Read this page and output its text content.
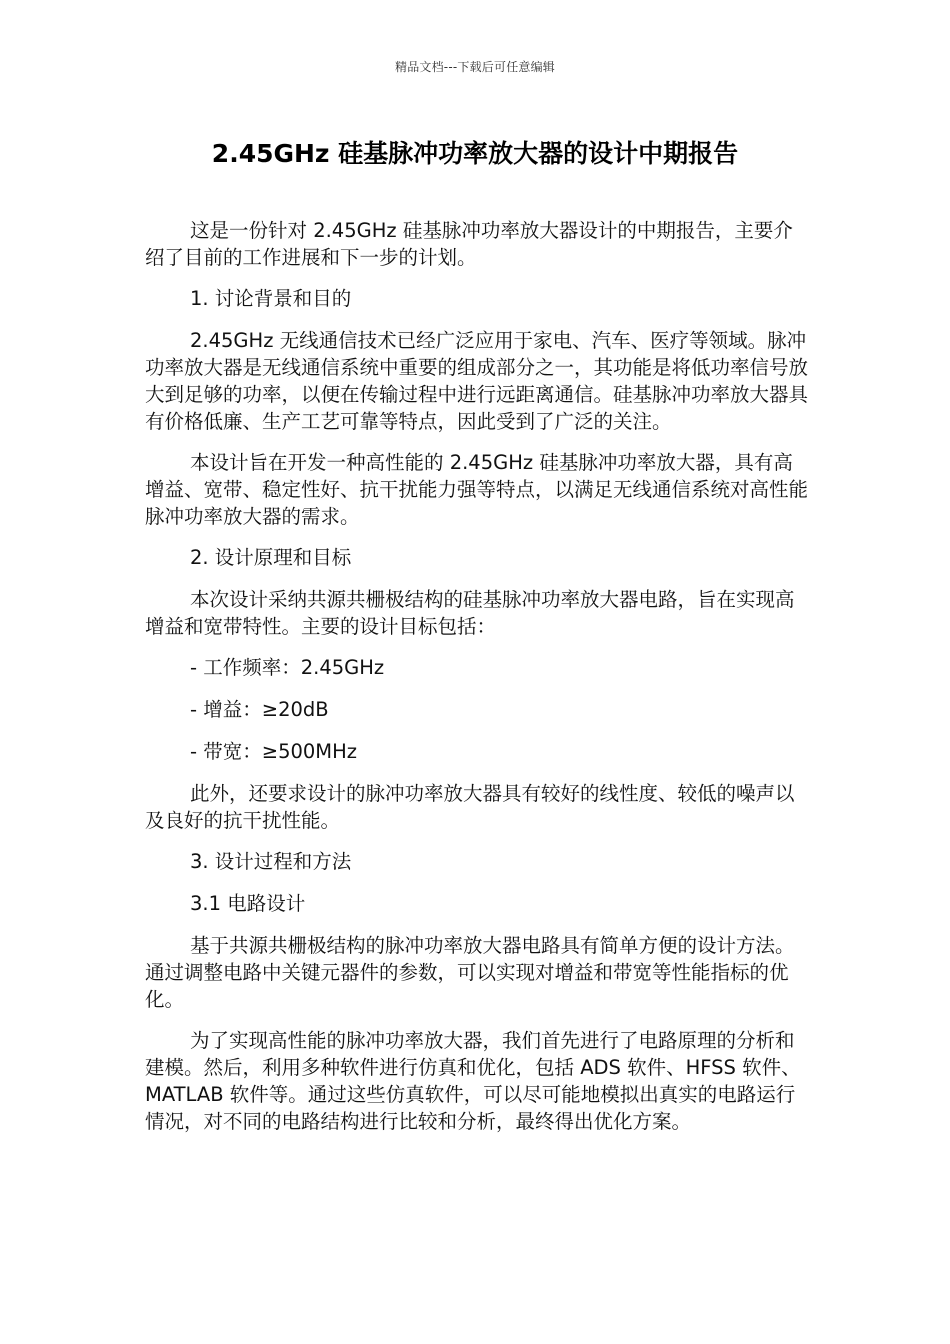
精品文档---下载后可任意编辑
2.45GHz 硅基脉冲功率放大器的设计中期报告

这是一份针对 2.45GHz 硅基脉冲功率放大器设计的中期报告，主要介绍了目前的工作进展和下一步的计划。

1. 讨论背景和目的

2.45GHz 无线通信技术已经广泛应用于家电、汽车、医疗等领域。脉冲功率放大器是无线通信系统中重要的组成部分之一，其功能是将低功率信号放大到足够的功率，以便在传输过程中进行远距离通信。硅基脉冲功率放大器具有价格低廉、生产工艺可靠等特点，因此受到了广泛的关注。

本设计旨在开发一种高性能的 2.45GHz 硅基脉冲功率放大器，具有高增益、宽带、稳定性好、抗干扰能力强等特点，以满足无线通信系统对高性能脉冲功率放大器的需求。

2. 设计原理和目标

本次设计采纳共源共栅极结构的硅基脉冲功率放大器电路，旨在实现高增益和宽带特性。主要的设计目标包括：

- 工作频率：2.45GHz

- 增益：≥20dB

- 带宽：≥500MHz

此外，还要求设计的脉冲功率放大器具有较好的线性度、较低的噪声以及良好的抗干扰性能。

3. 设计过程和方法

3.1 电路设计

基于共源共栅极结构的脉冲功率放大器电路具有简单方便的设计方法。通过调整电路中关键元器件的参数，可以实现对增益和带宽等性能指标的优化。

为了实现高性能的脉冲功率放大器，我们首先进行了电路原理的分析和建模。然后，利用多种软件进行仿真和优化，包括 ADS 软件、HFSS 软件、MATLAB 软件等。通过这些仿真软件，可以尽可能地模拟出真实的电路运行情况，对不同的电路结构进行比较和分析，最终得出优化方案。
